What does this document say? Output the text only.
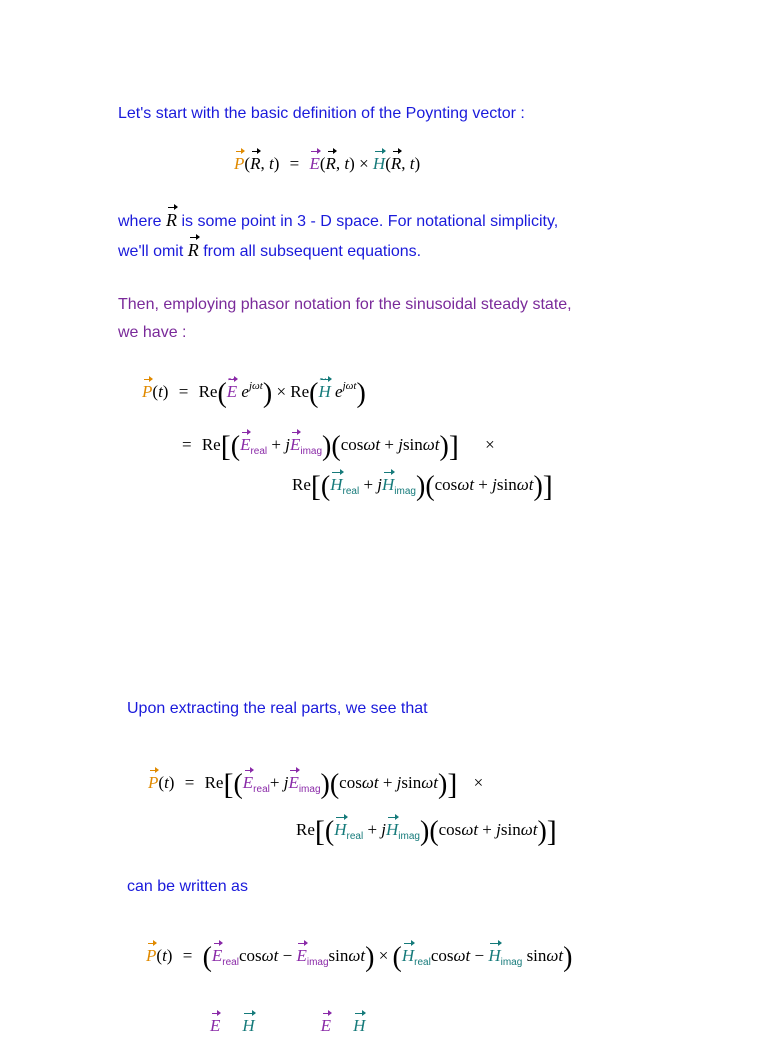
Let's start with the basic definition of the Poynting vector :
P(R, t) = E(R, t) × H(R, t)
where R is some point in 3 - D space. For notational simplicity,
we'll omit R from all subsequent equations.
Then, employing phasor notation for the sinusoidal steady state,
we have :
P(t) = Re( ~
E $e^{j\omega t}) \times Re$( ~
H $e^{j\omega t}$)
= $Re[(E_{real} + jE_{imag})(\cos\omega t + jsin\omega t)]$ ×
$Re[(H_{real} + jH_{imag})(\cos\omega t + jsin\omega t)]$
Upon extracting the real parts, we see that
$P(t) = Re[(E_{real}+ jE_{imag})(\cos\omega t + jsin\omega t)]$ ×
$Re[(H_{real} + jH_{imag})(\cos\omega t + jsin\omega t)]$
can be written as
$P(t) = (E_{real}\cos\omega t - E_{imag}\sin\omega t) \times (H_{real}\cos\omega t - H_{imag}$ sinωt)
E H	E H
